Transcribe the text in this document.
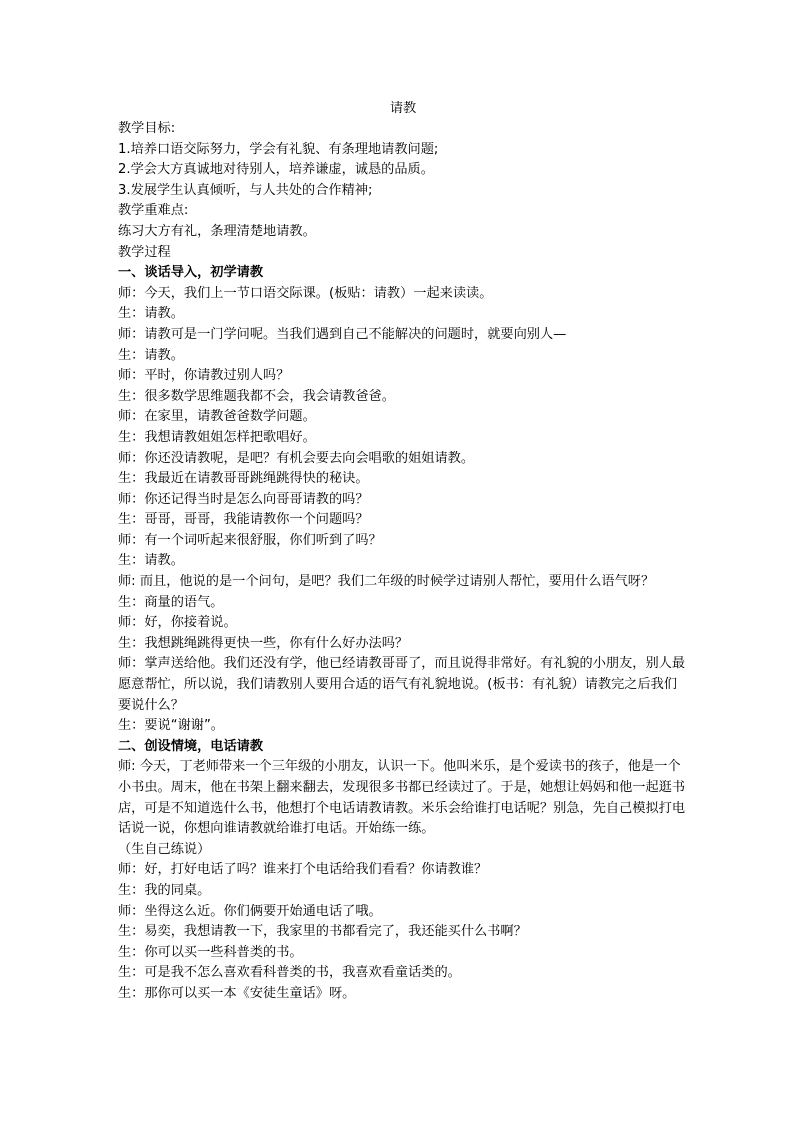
请教
教学目标:
1.培养口语交际努力，学会有礼貌、有条理地请教问题;
2.学会大方真诚地对待别人，培养谦虚，诚恳的品质。
3.发展学生认真倾听，与人共处的合作精神;
教学重难点:
练习大方有礼，条理清楚地请教。
教学过程
一、谈话导入，初学请教
师：今天，我们上一节口语交际课。(板贴：请教）一起来读读。
生：请教。
师：请教可是一门学问呢。当我们遇到自己不能解决的问题时，就要向别人—
生：请教。
师：平时，你请教过别人吗？
生：很多数学思维题我都不会，我会请教爸爸。
师：在家里，请教爸爸数学问题。
生：我想请教姐姐怎样把歌唱好。
师：你还没请教呢，是吧？有机会要去向会唱歌的姐姐请教。
生：我最近在请教哥哥跳绳跳得快的秘诀。
师：你还记得当时是怎么向哥哥请教的吗？
生：哥哥，哥哥，我能请教你一个问题吗？
师：有一个词听起来很舒服，你们听到了吗？
生：请教。
师: 而且，他说的是一个问句，是吧？我们二年级的时候学过请别人帮忙，要用什么语气呀？
生：商量的语气。
师：好，你接着说。
生：我想跳绳跳得更快一些，你有什么好办法吗？
师：掌声送给他。我们还没有学，他已经请教哥哥了，而且说得非常好。有礼貌的小朋友，别人最愿意帮忙，所以说，我们请教别人要用合适的语气有礼貌地说。(板书：有礼貌）请教完之后我们要说什么？
生：要说“谢谢”。
二、创设情境，电话请教
师: 今天，丁老师带来一个三年级的小朋友，认识一下。他叫米乐，是个爱读书的孩子，他是一个小书虫。周末，他在书架上翻来翻去，发现很多书都已经读过了。于是，她想让妈妈和他一起逛书店，可是不知道选什么书，他想打个电话请教请教。米乐会给谁打电话呢？别急，先自己模拟打电话说一说，你想向谁请教就给谁打电话。开始练一练。
（生自己练说）
师：好，打好电话了吗？谁来打个电话给我们看看？你请教谁？
生：我的同桌。
师：坐得这么近。你们俩要开始通电话了哦。
生：易奕，我想请教一下，我家里的书都看完了，我还能买什么书啊？
生：你可以买一些科普类的书。
生：可是我不怎么喜欢看科普类的书，我喜欢看童话类的。
生：那你可以买一本《安徒生童话》呀。
